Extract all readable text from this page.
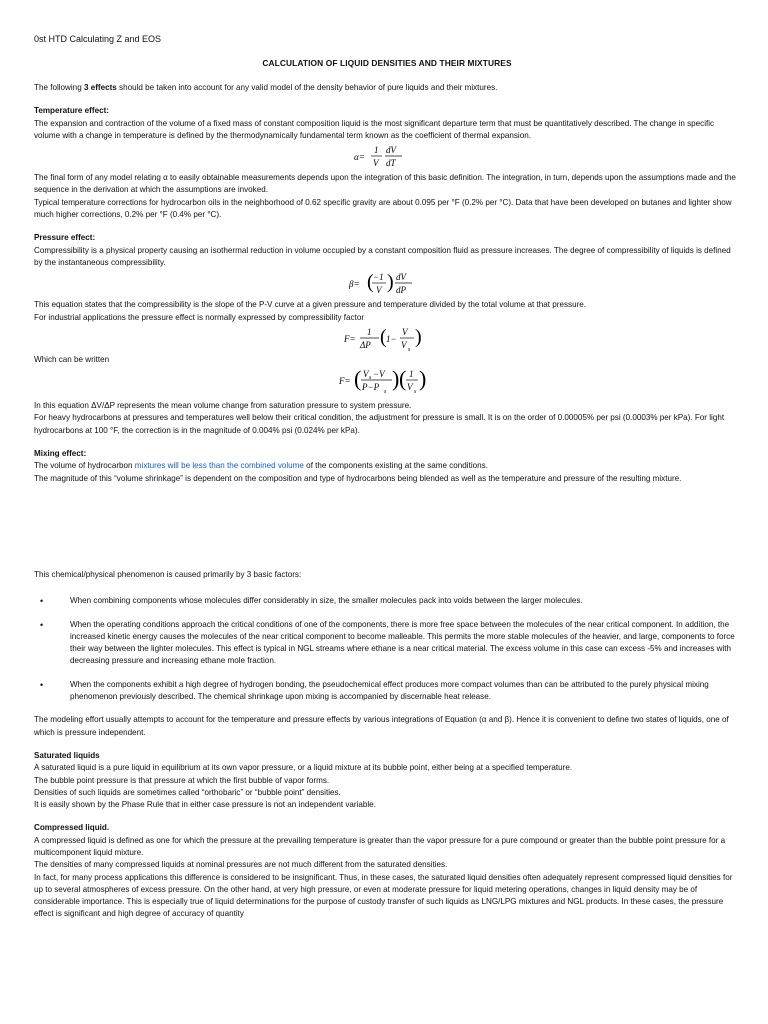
0st HTD Calculating Z and EOS
CALCULATION OF LIQUID DENSITIES AND THEIR MIXTURES

The following 3 effects should be taken into account for any valid model of the density behavior of pure liquids and their mixtures.

Temperature effect:

The expansion and contraction of the volume of a fixed mass of constant composition liquid is the most significant departure term that must be quantitatively described. The change in specific volume with a change in temperature is defined by the thermodynamically fundamental term known as the coefficient of thermal expansion.

α=
1
V
dV
dT

The final form of any model relating α to easily obtainable measurements depends upon the integration of this basic definition. The integration, in turn, depends upon the assumptions made and the sequence in the derivation at which the assumptions are invoked.

Typical temperature corrections for hydrocarbon oils in the neighborhood of 0.62 specific gravity are about 0.095 per °F (0.2% per °C). Data that have been developed on butanes and lighter show much higher corrections, 0.2% per °F (0.4% per °C).

Pressure effect:

Compressibility is a physical property causing an isothermal reduction in volume occupied by a constant composition fluid as pressure increases. The degree of compressibility of liquids is defined by the instantaneous compressibility.

β= ( −1
V ) dV
dP

This equation states that the compressibility is the slope of the P-V curve at a given pressure and temperature divided by the total volume at that pressure.

For industrial applications the pressure effect is normally expressed by compressibility factor

F=
1
ΔP ( 1−
V
V s
)

Which can be written

F= ( V s −V
P−P s
) ( 1
V s
)

In this equation ΔV/ΔP represents the mean volume change from saturation pressure to system pressure.

For heavy hydrocarbons at pressures and temperatures well below their critical condition, the adjustment for pressure is small. It is on the order of 0.00005% per psi (0.0003% per kPa). For light hydrocarbons at 100 °F, the correction is in the magnitude of 0.004% psi (0.024% per kPa).

Mixing effect:

The volume of hydrocarbon mixtures will be less than the combined volume of the components existing at the same conditions.

The magnitude of this “volume shrinkage” is dependent on the composition and type of hydrocarbons being blended as well as the temperature and pressure of the resulting mixture.

This chemical/physical phenomenon is caused primarily by 3 basic factors:

• When combining components whose molecules differ considerably in size, the smaller molecules pack into voids between the larger molecules.
• When the operating conditions approach the critical conditions of one of the components, there is more free space between the molecules of the near critical component. In addition, the increased kinetic energy causes the molecules of the near critical component to become malleable. This permits the more stable molecules of the heavier, and large, components to force their way between the lighter molecules. This effect is typical in NGL streams where ethane is a near critical material. The excess volume in this case can excess -5% and increases with decreasing pressure and increasing ethane mole fraction.
• When the components exhibit a high degree of hydrogen bonding, the pseudochemical effect produces more compact volumes than can be attributed to the purely physical mixing phenomenon previously described. The chemical shrinkage upon mixing is accompanied by discernable heat release.

The modeling effort usually attempts to account for the temperature and pressure effects by various integrations of Equation (α and β). Hence it is convenient to define two states of liquids, one of which is pressure independent.

Saturated liquids

A saturated liquid is a pure liquid in equilibrium at its own vapor pressure, or a liquid mixture at its bubble point, either being at a specified temperature.

The bubble point pressure is that pressure at which the first bubble of vapor forms.

Densities of such liquids are sometimes called “orthobaric” or “bubble point” densities.

It is easily shown by the Phase Rule that in either case pressure is not an independent variable.

Compressed liquid.

A compressed liquid is defined as one for which the pressure at the prevailing temperature is greater than the vapor pressure for a pure compound or greater than the bubble point pressure for a multicomponent liquid mixture.

The densities of many compressed liquids at nominal pressures are not much different from the saturated densities.

In fact, for many process applications this difference is considered to be insignificant. Thus, in these cases, the saturated liquid densities often adequately represent compressed liquid densities for up to several atmospheres of excess pressure. On the other hand, at very high pressure, or even at moderate pressure for liquid metering operations, changes in liquid density may be of considerable importance. This is especially true of liquid determinations for the purpose of custody transfer of such liquids as LNG/LPG mixtures and NGL products. In these cases, the pressure effect is significant and high degree of accuracy of quantity
